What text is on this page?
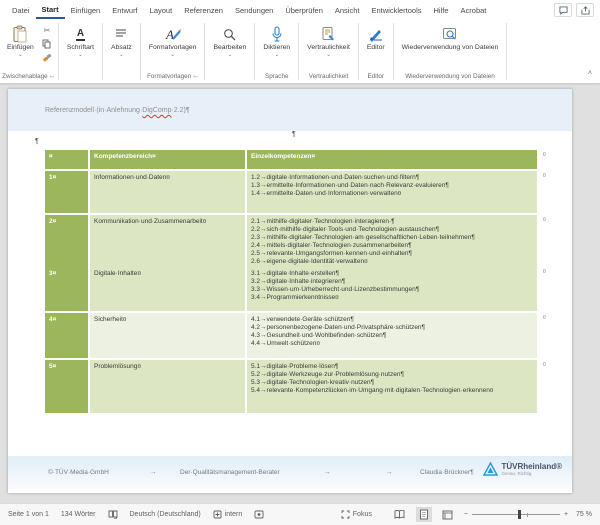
Datei	Start	Einfügen	Entwurf	Layout	Referenzen	Sendungen	Überprüfen	Ansicht	Entwicklertools	Hilfe	Acrobat
Einfügen
⌄
✂
Zwischenablage ⌙
A
Schriftart
⌄
Absatz
⌄
A
Formatvorlagen
⌄
Formatvorlagen ⌙
Bearbeiten
⌄
Diktieren
⌄
Sprache
Vertraulichkeit
⌄
Vertraulichkeit
Editor
Editor
Wiederverwendung von Dateien
Wiederverwendung von Dateien	˄
Referenzmodell·(in·Anlehnung·DigComp·2.2)¶
¶
¶
¤	Kompetenzbereich¤	Einzelkompetenzen¤	¤
1¤	Informationen·und·Daten¤	1.2→digitale·Informationen·und·Daten·suchen·und·filtern¶
1.3→ermittelte·Informationen·und·Daten·nach·Relevanz·evaluieren¶
1.4→ermittelte·Daten·und·Informationen·verwalten¤
¤
2¤	Kommunikation·und·Zusammenarbeit¤	2.1→mithilfe·digitaler·Technologien·interagieren·¶
2.2→sich·mithilfe·digitaler·Tools·und·Technologien·austauschen¶
2.3→mithilfe·digitaler·Technologien·am·gesellschaftlichen·Leben·teilnehmen¶
2.4→mittels·digitaler·Technologien·zusammenarbeiten¶
2.5→relevante·Umgangsformen·kennen·und·einhalten¶
2.6→eigene·digitale·Identität·verwalten¤
¤
3¤	Digitale·Inhalte¤	3.1→digitale·Inhalte·erstellen¶
3.2→digitale·Inhalte·integrieren¶
3.3→Wissen·um·Urheberrecht·und·Lizenzbestimmungen¶
3.4→Programmierkenntnisse¤
¤
4¤	Sicherheit¤	4.1→verwendete·Geräte·schützen¶
4.2→personenbezogene·Daten·und·Privatsphäre·schützen¶
4.3→Gesundheit·und·Wohlbefinden·schützen¶
4.4→Umwelt·schützen¤
¤
5¤	Problemlösung¤	5.1→digitale·Probleme·lösen¶
5.2→digitale·Werkzeuge·zur·Problemlösung·nutzen¶
5.3→digitale·Technologien·kreativ·nutzen¶
5.4→relevante·Kompetenzlücken·im·Umgang·mit·digitalen·Technologien·erkennen¤
¤
©·TÜV·Media·GmbH	→	Der·Qualitätsmanagement-Berater	→	→	Claudia·Brückner¶
TÜVRheinland®
Genau. Richtig.
Seite 1 von 1 134 Wörter	Deutsch (Deutschland)	intern	Fokus	−	+ 75 %
